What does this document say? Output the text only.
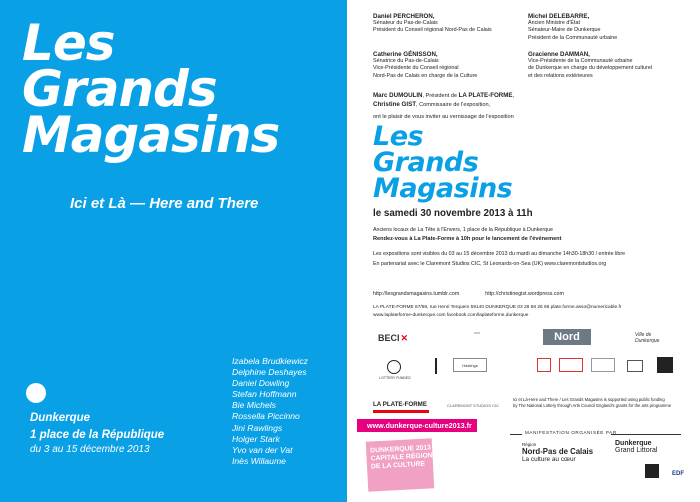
Les
Grands
Magasins
Ici et Là — Here and There
Izabela Brudkiewicz
Delphine Deshayes
Daniel Dowling
Stefan Hoffmann
Bie Michels
Rossella Piccinno
Jini Rawlings
Holger Stark
Yvo van der Vat
Inès Willaume
Dunkerque
1 place de la République
du 3 au 15 décembre 2013
Daniel PERCHERON,
Sénateur du Pas-de-Calais
Président du Conseil régional Nord-Pas de Calais
Michel DELEBARRE,
Ancien Ministre d'État
Sénateur-Maire de Dunkerque
Président de la Communauté urbaine
Catherine GÉNISSON,
Sénatrice du Pas-de-Calais
Vice-Présidente du Conseil régional
Nord-Pas de Calais en charge de la Culture
Gracienne DAMMAN,
Vice-Présidente de la Communauté urbaine
de Dunkerque en charge du développement culturel
et des relations extérieures
Marc DUMOULIN, Président de LA PLATE-FORME,
Christine GIST, Commissaire de l'exposition,
ont le plaisir de vous inviter au vernissage de l'exposition
Les
Grands
Magasins
le samedi 30 novembre 2013 à 11h
Anciens locaux de La Tête à l'Envers, 1 place de la République à Dunkerque
Rendez-vous à La Plate-Forme à 10h pour le lancement de l'événement
Les expositions sont visibles du 03 au 15 décembre 2013 du mardi au dimanche 14h30-18h30 / entrée libre
En partenariat avec le Claremont Studios CIC, St Leonards-on-Sea (UK) www.claremontstudios.org
http://lesgrandsmagasins.tumblr.com	http://christinegist.wordpress.com
LA PLATE-FORME 67/69, rue Henri Terquem 59140 DUNKERQUE 03 28 58 26 66 plate.forme.asso@numericable.fr
www.laplateforme-dunkerque.com facebook.com/laplateforme.dunkerque
BECI ✕	Nord	Ville de Dunkerque
LOTTERY FUNDED
Hastings
LA PLATE-FORME	CLAREMONT STUDIOS CIC
Ici et Là-Here and There / Les Grands Magasins is supported using public funding
by The National Lottery through Arts Council England's grants for the arts programme
www.dunkerque-culture2013.fr
DUNKERQUE 2013
CAPITALE RÉGIONALE
DE LA CULTURE
MANIFESTATION ORGANISÉE PAR
Région
Nord-Pas de Calais
La culture au cœur
Dunkerque
Grand Littoral
EDF
